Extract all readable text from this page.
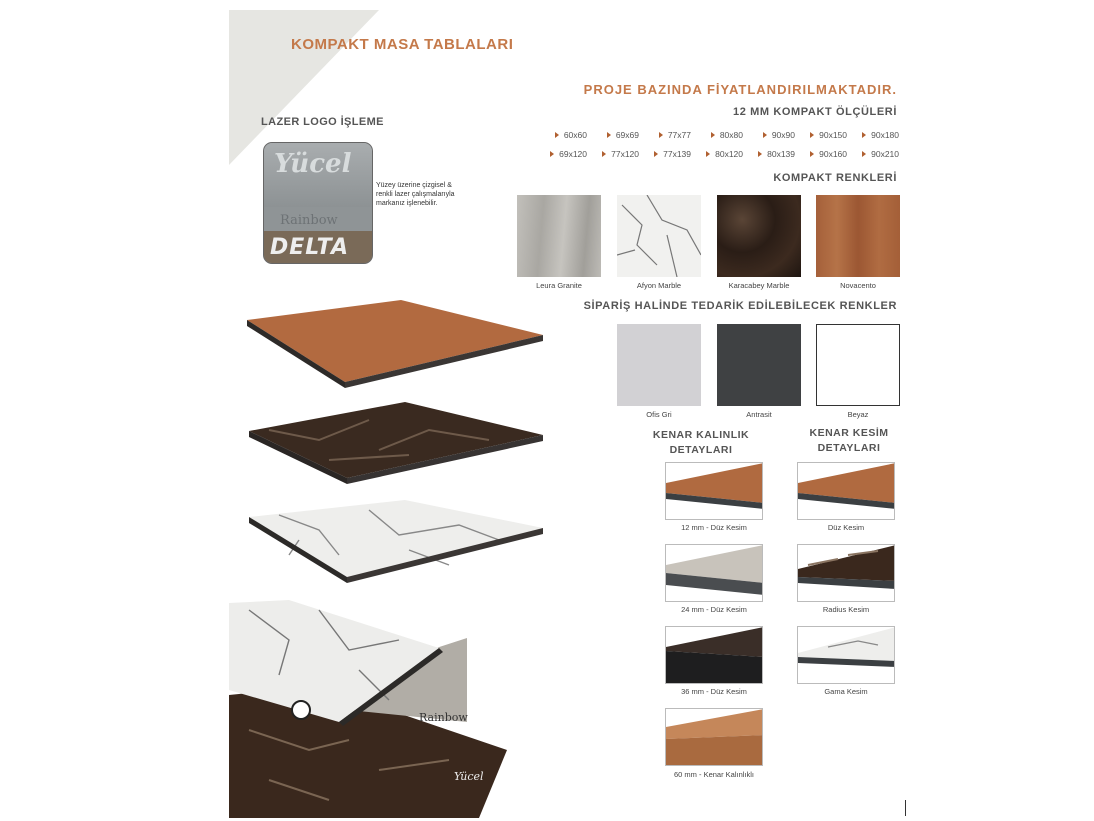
KOMPAKT MASA TABLALARI
PROJE BAZINDA FİYATLANDIRILMAKTADIR.
12 MM KOMPAKT ÖLÇÜLERİ
60x60	69x69	77x77	80x80	90x90	90x150	90x180
69x120	77x120	77x139	80x120	80x139	90x160	90x210
KOMPAKT RENKLERİ
Leura Granite	Afyon Marble	Karacabey Marble	Novacento
SİPARİŞ HALİNDE TEDARİK EDİLEBİLECEK RENKLER
Ofis Gri	Antrasit	Beyaz
LAZER LOGO İŞLEME
Yücel
Rainbow
DELTA
Yüzey üzerine çizgisel & renkli lazer çalışmalarıyla markanız işlenebilir.
Rainbow
Yücel
KENAR KALINLIK
DETAYLARI
KENAR KESİM
DETAYLARI
12 mm - Düz Kesim	Düz Kesim
24 mm - Düz Kesim	Radius Kesim
36 mm - Düz Kesim	Gama Kesim
60 mm - Kenar Kalınlıklı
